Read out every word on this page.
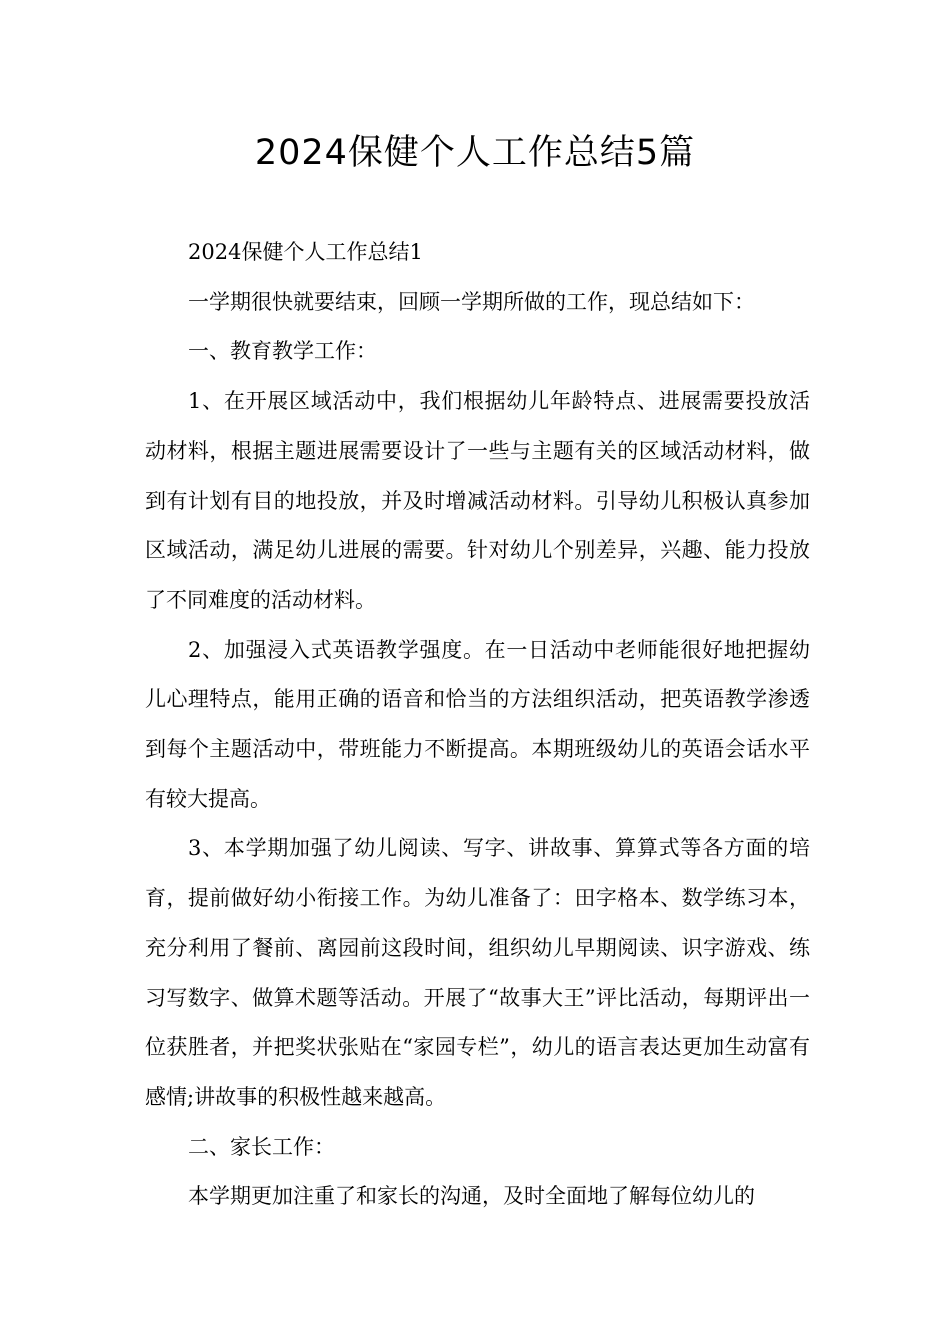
2024保健个人工作总结5篇

2024保健个人工作总结1

一学期很快就要结束，回顾一学期所做的工作，现总结如下：

一、教育教学工作：

1、在开展区域活动中，我们根据幼儿年龄特点、进展需要投放活动材料，根据主题进展需要设计了一些与主题有关的区域活动材料，做到有计划有目的地投放，并及时增减活动材料。引导幼儿积极认真参加区域活动，满足幼儿进展的需要。针对幼儿个别差异，兴趣、能力投放了不同难度的活动材料。

2、加强浸入式英语教学强度。在一日活动中老师能很好地把握幼儿心理特点，能用正确的语音和恰当的方法组织活动，把英语教学渗透到每个主题活动中，带班能力不断提高。本期班级幼儿的英语会话水平有较大提高。

3、本学期加强了幼儿阅读、写字、讲故事、算算式等各方面的培育，提前做好幼小衔接工作。为幼儿准备了：田字格本、数学练习本，充分利用了餐前、离园前这段时间，组织幼儿早期阅读、识字游戏、练习写数字、做算术题等活动。开展了“故事大王”评比活动，每期评出一位获胜者，并把奖状张贴在“家园专栏”，幼儿的语言表达更加生动富有感情;讲故事的积极性越来越高。

二、家长工作：

本学期更加注重了和家长的沟通，及时全面地了解每位幼儿的
